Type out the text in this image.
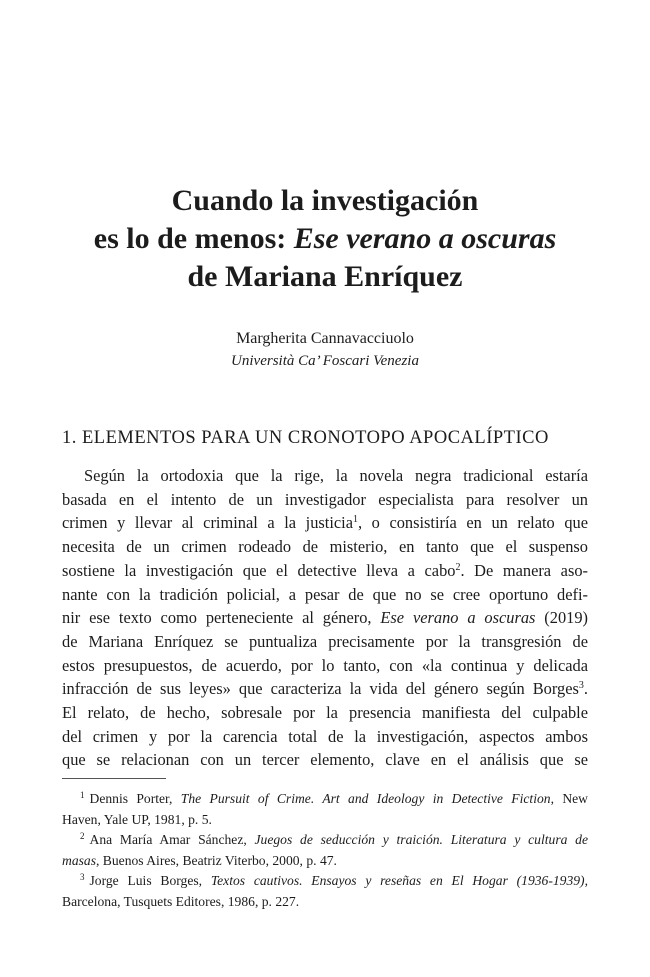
Cuando la investigación
es lo de menos: Ese verano a oscuras
de Mariana Enríquez
Margherita Cannavacciuolo
Università Ca’ Foscari Venezia
1. ELEMENTOS PARA UN CRONOTOPO APOCALÍPTICO
Según la ortodoxia que la rige, la novela negra tradicional estaría
basada en el intento de un investigador especialista para resolver un
crimen y llevar al criminal a la justicia$^1$, o consistiría en un relato que
necesita de un crimen rodeado de misterio, en tanto que el suspenso
sostiene la investigación que el detective lleva a cabo$^2$. De manera aso-
nante con la tradición policial, a pesar de que no se cree oportuno defi-
nir ese texto como perteneciente al género, Ese verano a oscuras (2019)
de Mariana Enríquez se puntualiza precisamente por la transgresión de
estos presupuestos, de acuerdo, por lo tanto, con «la continua y delicada
infracción de sus leyes» que caracteriza la vida del género según Borges$^3$.
El relato, de hecho, sobresale por la presencia manifiesta del culpable
del crimen y por la carencia total de la investigación, aspectos ambos
que se relacionan con un tercer elemento, clave en el análisis que se
$^1$ Dennis Porter, The Pursuit of Crime. Art and Ideology in Detective Fiction, New
Haven, Yale UP, 1981, p. 5.
$^2$ Ana María Amar Sánchez, Juegos de seducción y traición. Literatura y cultura de
masas, Buenos Aires, Beatriz Viterbo, 2000, p. 47.
$^3$ Jorge Luis Borges, Textos cautivos. Ensayos y reseñas en El Hogar (1936-1939),
Barcelona, Tusquets Editores, 1986, p. 227.
